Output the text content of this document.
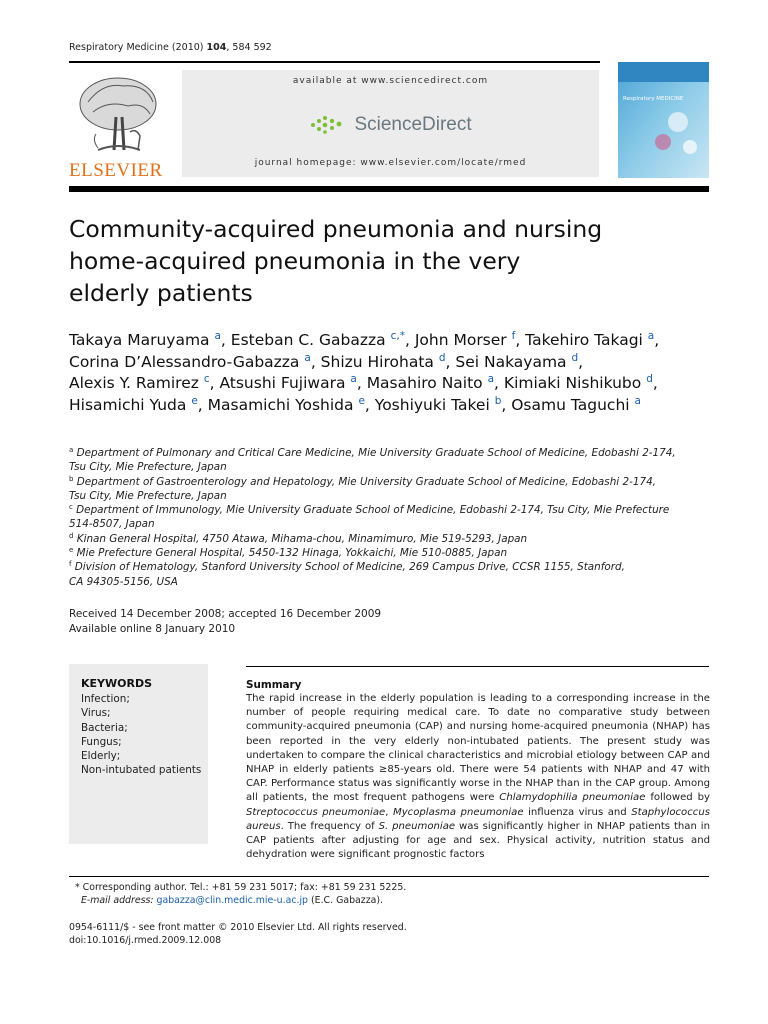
Respiratory Medicine (2010) 104, 584 592
ELSEVIER
available at www.sciencedirect.com
ScienceDirect
journal homepage: www.elsevier.com/locate/rmed
Respiratory MEDICINE
Community-acquired pneumonia and nursing
home-acquired pneumonia in the very
elderly patients
Takaya Maruyama $^a$, Esteban C. Gabazza $^{c,*}$, John Morser $^f$, Takehiro Takagi $^a$,
Corina D’Alessandro-Gabazza $^a$, Shizu Hirohata $^d$, Sei Nakayama $^d$,
Alexis Y. Ramirez $^c$, Atsushi Fujiwara $^a$, Masahiro Naito $^a$, Kimiaki Nishikubo $^d$,
Hisamichi Yuda $^e$, Masamichi Yoshida $^e$, Yoshiyuki Takei $^b$, Osamu Taguchi $^a$
$^a$ Department of Pulmonary and Critical Care Medicine, Mie University Graduate School of Medicine, Edobashi 2-174,
Tsu City, Mie Prefecture, Japan
$^b$ Department of Gastroenterology and Hepatology, Mie University Graduate School of Medicine, Edobashi 2-174,
Tsu City, Mie Prefecture, Japan
$^c$ Department of Immunology, Mie University Graduate School of Medicine, Edobashi 2-174, Tsu City, Mie Prefecture
514-8507, Japan
$^d$ Kinan General Hospital, 4750 Atawa, Mihama-chou, Minamimuro, Mie 519-5293, Japan
$^e$ Mie Prefecture General Hospital, 5450-132 Hinaga, Yokkaichi, Mie 510-0885, Japan
$^f$ Division of Hematology, Stanford University School of Medicine, 269 Campus Drive, CCSR 1155, Stanford,
CA 94305-5156, USA
Received 14 December 2008; accepted 16 December 2009
Available online 8 January 2010
KEYWORDS
Infection;
Virus;
Bacteria;
Fungus;
Elderly;
Non-intubated patients
Summary
The rapid increase in the elderly population is leading to a corresponding increase in the number of people requiring medical care. To date no comparative study between community-acquired pneumonia (CAP) and nursing home-acquired pneumonia (NHAP) has been reported in the very elderly non-intubated patients. The present study was undertaken to compare the clinical characteristics and microbial etiology between CAP and NHAP in elderly patients ≥85-years old. There were 54 patients with NHAP and 47 with CAP. Performance status was significantly worse in the NHAP than in the CAP group. Among all patients, the most frequent pathogens were Chlamydophilia pneumoniae followed by Streptococcus pneumoniae, Mycoplasma pneumoniae influenza virus and Staphylococcus aureus. The frequency of S. pneumoniae was significantly higher in NHAP patients than in CAP patients after adjusting for age and sex. Physical activity, nutrition status and dehydration were significant prognostic factors
* Corresponding author. Tel.: +81 59 231 5017; fax: +81 59 231 5225.
E-mail address: gabazza@clin.medic.mie-u.ac.jp (E.C. Gabazza).
0954-6111/$ - see front matter © 2010 Elsevier Ltd. All rights reserved.
doi:10.1016/j.rmed.2009.12.008
